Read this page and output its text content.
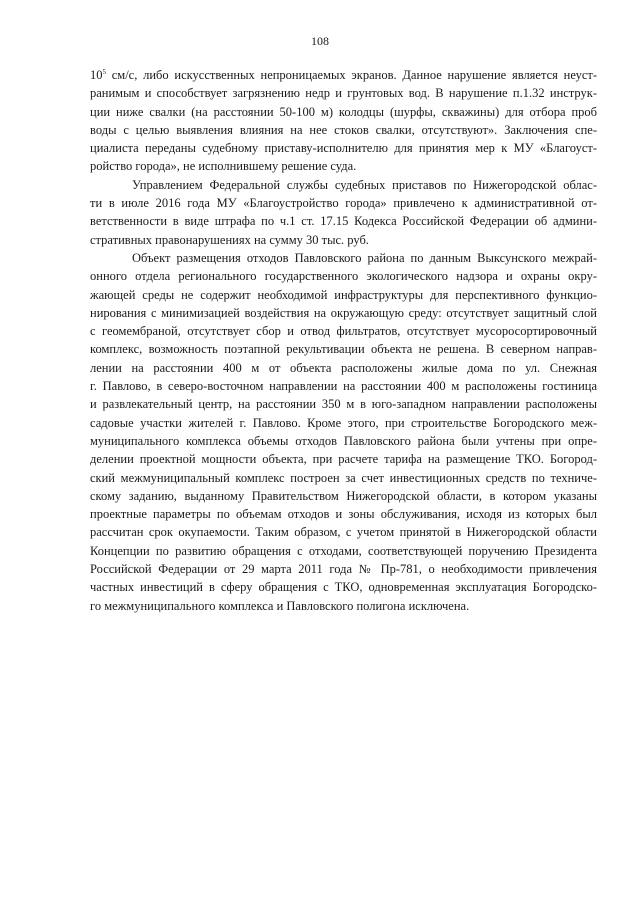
108
$10^5$ см/с, либо искусственных непроницаемых экранов. Данное нарушение является неуст-
ранимым и способствует загрязнению недр и грунтовых вод. В нарушение п.1.32 инструк-
ции ниже свалки (на расстоянии 50-100 м) колодцы (шурфы, скважины) для отбора проб
воды с целью выявления влияния на нее стоков свалки, отсутствуют». Заключения спе-
циалиста переданы судебному приставу-исполнителю для принятия мер к МУ «Благоуст-
ройство города», не исполнившему решение суда.
Управлением Федеральной службы судебных приставов по Нижегородской облас-
ти в июле 2016 года МУ «Благоустройство города» привлечено к административной от-
ветственности в виде штрафа по ч.1 ст. 17.15 Кодекса Российской Федерации об админи-
стративных правонарушениях на сумму 30 тыс. руб.
Объект размещения отходов Павловского района по данным Выксунского межрай-
онного отдела регионального государственного экологического надзора и охраны окру-
жающей среды не содержит необходимой инфраструктуры для перспективного функцио-
нирования с минимизацией воздействия на окружающую среду: отсутствует защитный слой
с геомембраной, отсутствует сбор и отвод фильтратов, отсутствует мусоросортировочный
комплекс, возможность поэтапной рекультивации объекта не решена. В северном направ-
лении на расстоянии 400 м от объекта расположены жилые дома по ул. Снежная
г. Павлово, в северо-восточном направлении на расстоянии 400 м расположены гостиница
и развлекательный центр, на расстоянии 350 м в юго-западном направлении расположены
садовые участки жителей г. Павлово. Кроме этого, при строительстве Богородского меж-
муниципального комплекса объемы отходов Павловского района были учтены при опре-
делении проектной мощности объекта, при расчете тарифа на размещение ТКО. Богород-
ский межмуниципальный комплекс построен за счет инвестиционных средств по техниче-
скому заданию, выданному Правительством Нижегородской области, в котором указаны
проектные параметры по объемам отходов и зоны обслуживания, исходя из которых был
рассчитан срок окупаемости. Таким образом, с учетом принятой в Нижегородской области
Концепции по развитию обращения с отходами, соответствующей поручению Президента
Российской Федерации от 29 марта 2011 года № Пр-781, о необходимости привлечения
частных инвестиций в сферу обращения с ТКО, одновременная эксплуатация Богородско-
го межмуниципального комплекса и Павловского полигона исключена.
